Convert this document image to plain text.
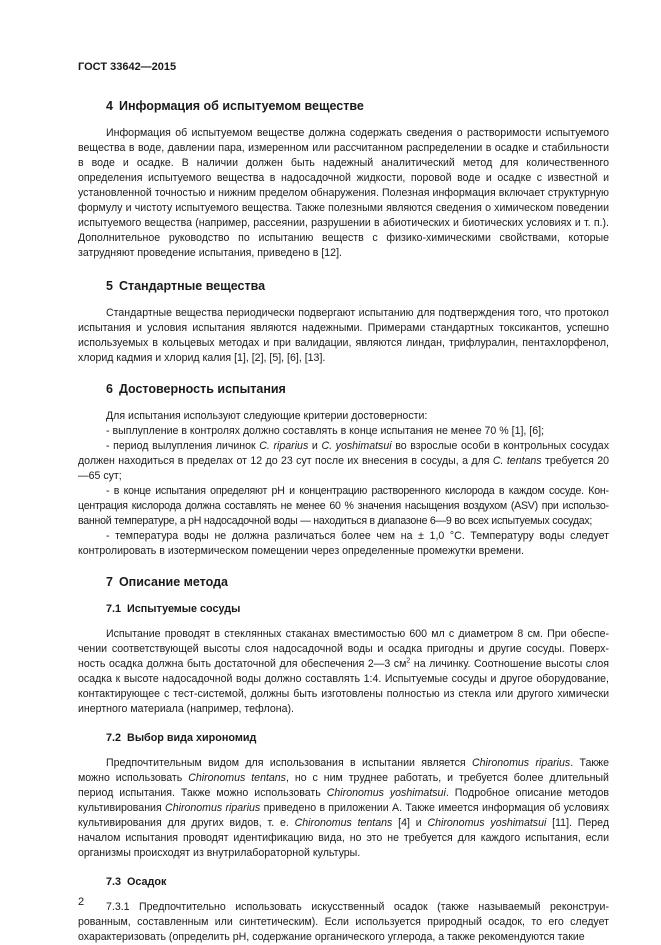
ГОСТ 33642—2015
4 Информация об испытуемом веществе

Информация об испытуемом веществе должна содержать сведения о растворимости испытуемого вещества в воде, давлении пара, измеренном или рассчитанном распределении в осадке и стабильности в воде и осадке. В наличии должен быть надежный аналитический метод для количественного определения испытуемого вещества в надосадочной жидкости, поровой воде и осадке с известной и установленной точностью и нижним пределом обнаружения. Полезная информация включает структурную формулу и чистоту испытуемого вещества. Также полезными являются сведения о химическом поведении испытуемого вещества (например, рассеянии, разрушении в абиотических и биотических условиях и т. п.). Дополнительное руководство по испытанию веществ с физико-химическими свойствами, которые затрудняют проведение испытания, приведено в [12].

5 Стандартные вещества

Стандартные вещества периодически подвергают испытанию для подтверждения того, что протокол испытания и условия испытания являются надежными. Примерами стандартных токсикантов, успешно используемых в кольцевых методах и при валидации, являются линдан, трифлуралин, пентахлорфенол, хлорид кадмия и хлорид калия [1], [2], [5], [6], [13].

6 Достоверность испытания

Для испытания используют следующие критерии достоверности:

- выплупление в контролях должно составлять в конце испытания не менее 70 % [1], [6];

- период вылупления личинок C. riparius и C. yoshimatsui во взрослые особи в контрольных сосудах должен находиться в пределах от 12 до 23 сут после их внесения в сосуды, а для C. tentans требуется 20—65 сут;

- в конце испытания определяют pH и концентрацию растворенного кислорода в каждом сосуде. Концентрация кислорода должна составлять не менее 60 % значения насыщения воздухом (ASV) при использованной температуре, а pH надосадочной воды — находиться в диапазоне 6—9 во всех испытуемых сосудах;

- температура воды не должна различаться более чем на ± 1,0 °С. Температуру воды следует контролировать в изотермическом помещении через определенные промежутки времени.

7 Описание метода
7.1 Испытуемые сосуды

Испытание проводят в стеклянных стаканах вместимостью 600 мл с диаметром 8 см. При обеспечении соответствующей высоты слоя надосадочной воды и осадка пригодны и другие сосуды. Поверхность осадка должна быть достаточной для обеспечения 2—3 $см^2$ на личинку. Соотношение высоты слоя осадка к высоте надосадочной воды должно составлять 1:4. Испытуемые сосуды и другое оборудование, контактирующее с тест-системой, должны быть изготовлены полностью из стекла или другого химически инертного материала (например, тефлона).

7.2 Выбор вида хирономид

Предпочтительным видом для использования в испытании является Chironomus riparius. Также можно использовать Chironomus tentans, но с ним труднее работать, и требуется более длительный период испытания. Также можно использовать Chironomus yoshimatsui. Подробное описание методов культивирования Chironomus riparius приведено в приложении А. Также имеется информация об условиях культивирования для других видов, т. е. Chironomus tentans [4] и Chironomus yoshimatsui [11]. Перед началом испытания проводят идентификацию вида, но это не требуется для каждого испытания, если организмы происходят из внутрилабораторной культуры.

7.3 Осадок

7.3.1 Предпочтительно использовать искусственный осадок (также называемый реконструированным, составленным или синтетическим). Если используется природный осадок, то его следует охарактеризовать (определить pH, содержание органического углерода, а также рекомендуются такие

2
